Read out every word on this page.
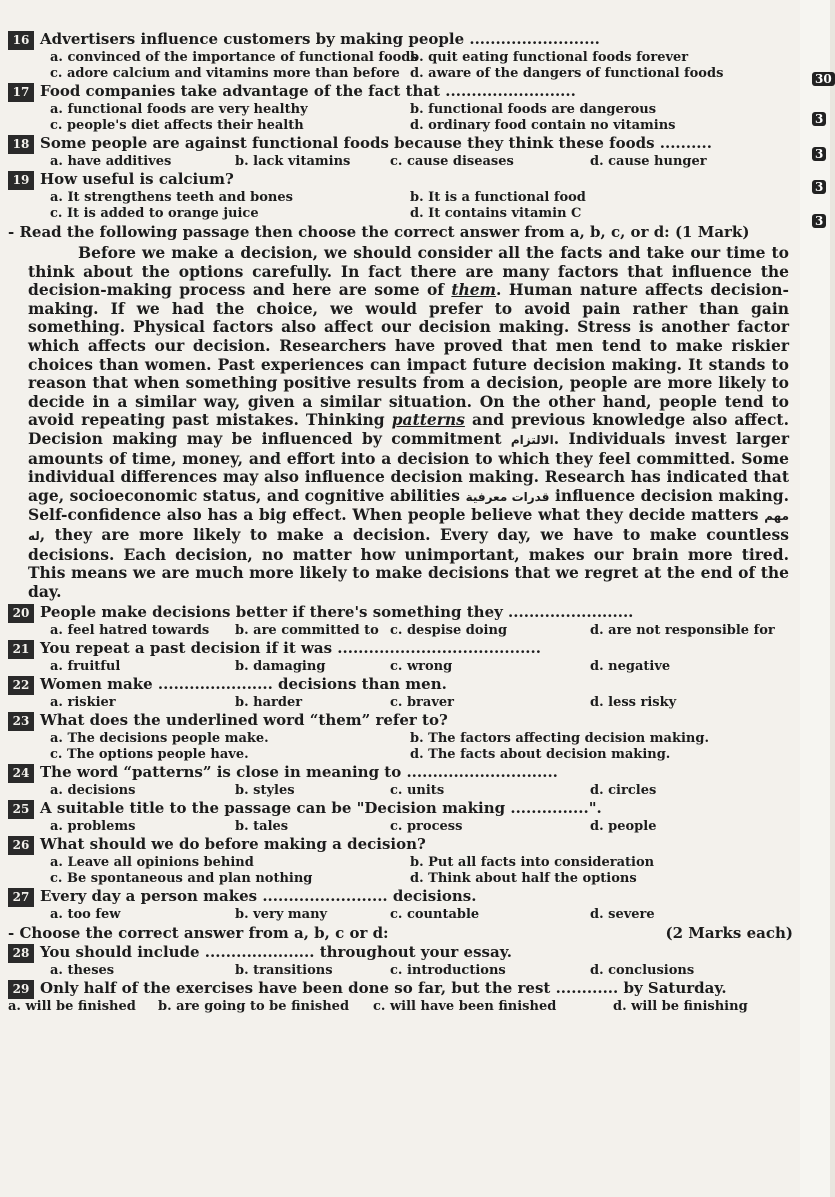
30
3
3
3
3
16 Advertisers influence customers by making people .........................
a. convinced of the importance of functional foods
b. quit eating functional foods forever
c. adore calcium and vitamins more than before d. aware of the dangers of functional foods
17 Food companies take advantage of the fact that .........................
a. functional foods are very healthy	b. functional foods are dangerous
c. people's diet affects their health	d. ordinary food contain no vitamins
18 Some people are against functional foods because they think these foods ..........
a. have additives	b. lack vitamins	c. cause diseases	d. cause hunger
19 How useful is calcium?
a. It strengthens teeth and bones	b. It is a functional food
c. It is added to orange juice	d. It contains vitamin C
- Read the following passage then choose the correct answer from a, b, c, or d: (1 Mark)

Before we make a decision, we should consider all the facts and take our time to think about the options carefully. In fact there are many factors that influence the decision-making process and here are some of them. Human nature affects decision-making. If we had the choice, we would prefer to avoid pain rather than gain something. Physical factors also affect our decision making. Stress is another factor which affects our decision. Researchers have proved that men tend to make riskier choices than women. Past experiences can impact future decision making. It stands to reason that when something positive results from a decision, people are more likely to decide in a similar way, given a similar situation. On the other hand, people tend to avoid repeating past mistakes. Thinking patterns and previous knowledge also affect. Decision making may be influenced by commitment الالتزام. Individuals invest larger amounts of time, money, and effort into a decision to which they feel committed. Some individual differences may also influence decision making. Research has indicated that age, socioeconomic status, and cognitive abilities قدرات معرفية influence decision making. Self-confidence also has a big effect. When people believe what they decide matters مهم له, they are more likely to make a decision. Every day, we have to make countless decisions. Each decision, no matter how unimportant, makes our brain more tired. This means we are much more likely to make decisions that we regret at the end of the day.

20 People make decisions better if there's something they ........................
a. feel hatred towards	b. are committed to c. despise doing	d. are not responsible for
21 You repeat a past decision if it was .......................................
a. fruitful	b. damaging	c. wrong	d. negative
22 Women make ...................... decisions than men.
a. riskier	b. harder	c. braver	d. less risky
23 What does the underlined word “them” refer to?
a. The decisions people make.	b. The factors affecting decision making.
c. The options people have.	d. The facts about decision making.
24 The word “patterns” is close in meaning to .............................
a. decisions	b. styles	c. units	d. circles
25 A suitable title to the passage can be "Decision making ...............".
a. problems	b. tales	c. process	d. people
26 What should we do before making a decision?
a. Leave all opinions behind	b. Put all facts into consideration
c. Be spontaneous and plan nothing	d. Think about half the options
27 Every day a person makes ........................ decisions.
a. too few	b. very many	c. countable	d. severe
- Choose the correct answer from a, b, c or d:	(2 Marks each)
28 You should include ..................... throughout your essay.
a. theses	b. transitions	c. introductions	d. conclusions
29 Only half of the exercises have been done so far, but the rest ............ by Saturday.
a. will be finished	b. are going to be finished	c. will have been finished	d. will be finishing
